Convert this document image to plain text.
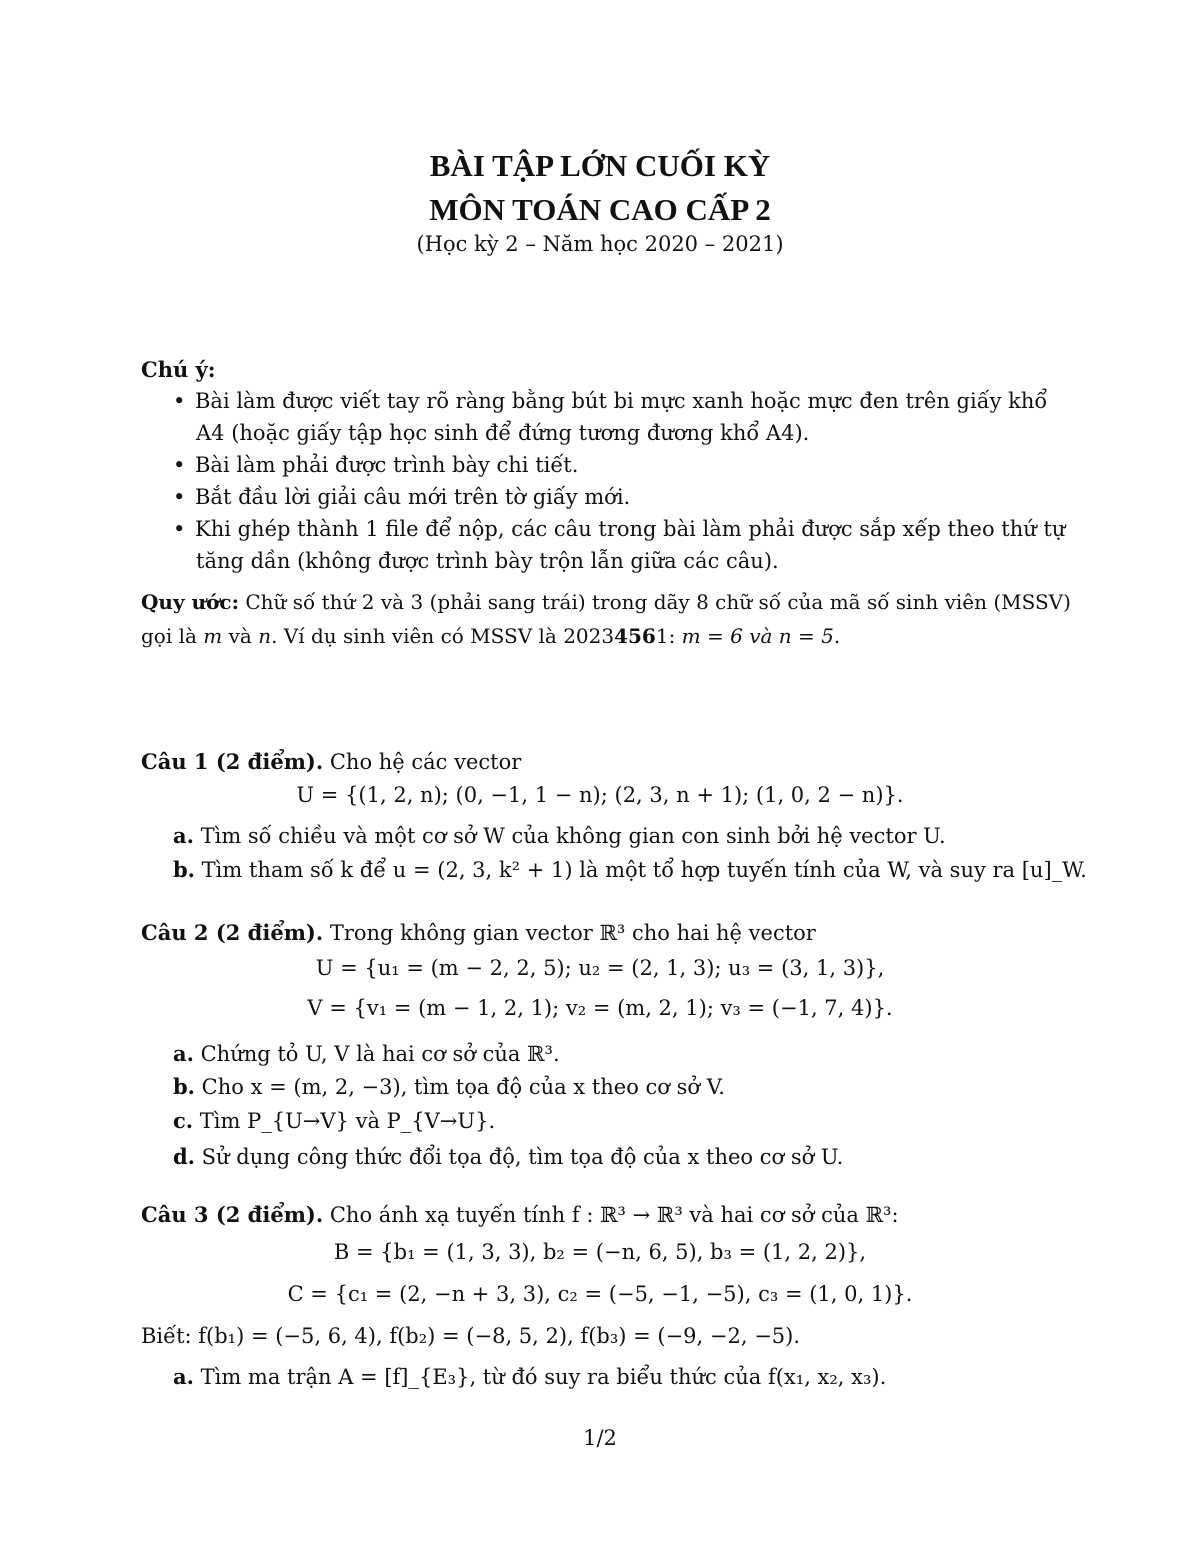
BÀI TẬP LỚN CUỐI KỲ
MÔN TOÁN CAO CẤP 2
(Học kỳ 2 – Năm học 2020 – 2021)
Chú ý:
• Bài làm được viết tay rõ ràng bằng bút bi mực xanh hoặc mực đen trên giấy khổ
A4 (hoặc giấy tập học sinh để đứng tương đương khổ A4).
• Bài làm phải được trình bày chi tiết.
• Bắt đầu lời giải câu mới trên tờ giấy mới.
• Khi ghép thành 1 file để nộp, các câu trong bài làm phải được sắp xếp theo thứ tự
tăng dần (không được trình bày trộn lẫn giữa các câu).
Quy ước: Chữ số thứ 2 và 3 (phải sang trái) trong dãy 8 chữ số của mã số sinh viên (MSSV)
gọi là m và n. Ví dụ sinh viên có MSSV là 20234561: m = 6 và n = 5.
Câu 1 (2 điểm). Cho hệ các vector
U = {(1, 2, n); (0, −1, 1 − n); (2, 3, n + 1); (1, 0, 2 − n)}.
a. Tìm số chiều và một cơ sở W của không gian con sinh bởi hệ vector U.
b. Tìm tham số k để u = (2, 3, k² + 1) là một tổ hợp tuyến tính của W, và suy ra [u]_W.
Câu 2 (2 điểm). Trong không gian vector ℝ³ cho hai hệ vector
U = {u₁ = (m − 2, 2, 5); u₂ = (2, 1, 3); u₃ = (3, 1, 3)},
V = {v₁ = (m − 1, 2, 1); v₂ = (m, 2, 1); v₃ = (−1, 7, 4)}.
a. Chứng tỏ U, V là hai cơ sở của ℝ³.
b. Cho x = (m, 2, −3), tìm tọa độ của x theo cơ sở V.
c. Tìm P_{U→V} và P_{V→U}.
d. Sử dụng công thức đổi tọa độ, tìm tọa độ của x theo cơ sở U.
Câu 3 (2 điểm). Cho ánh xạ tuyến tính f : ℝ³ → ℝ³ và hai cơ sở của ℝ³:
B = {b₁ = (1, 3, 3), b₂ = (−n, 6, 5), b₃ = (1, 2, 2)},
C = {c₁ = (2, −n + 3, 3), c₂ = (−5, −1, −5), c₃ = (1, 0, 1)}.
Biết: f(b₁) = (−5, 6, 4), f(b₂) = (−8, 5, 2), f(b₃) = (−9, −2, −5).
a. Tìm ma trận A = [f]_{E₃}, từ đó suy ra biểu thức của f(x₁, x₂, x₃).
1/2
